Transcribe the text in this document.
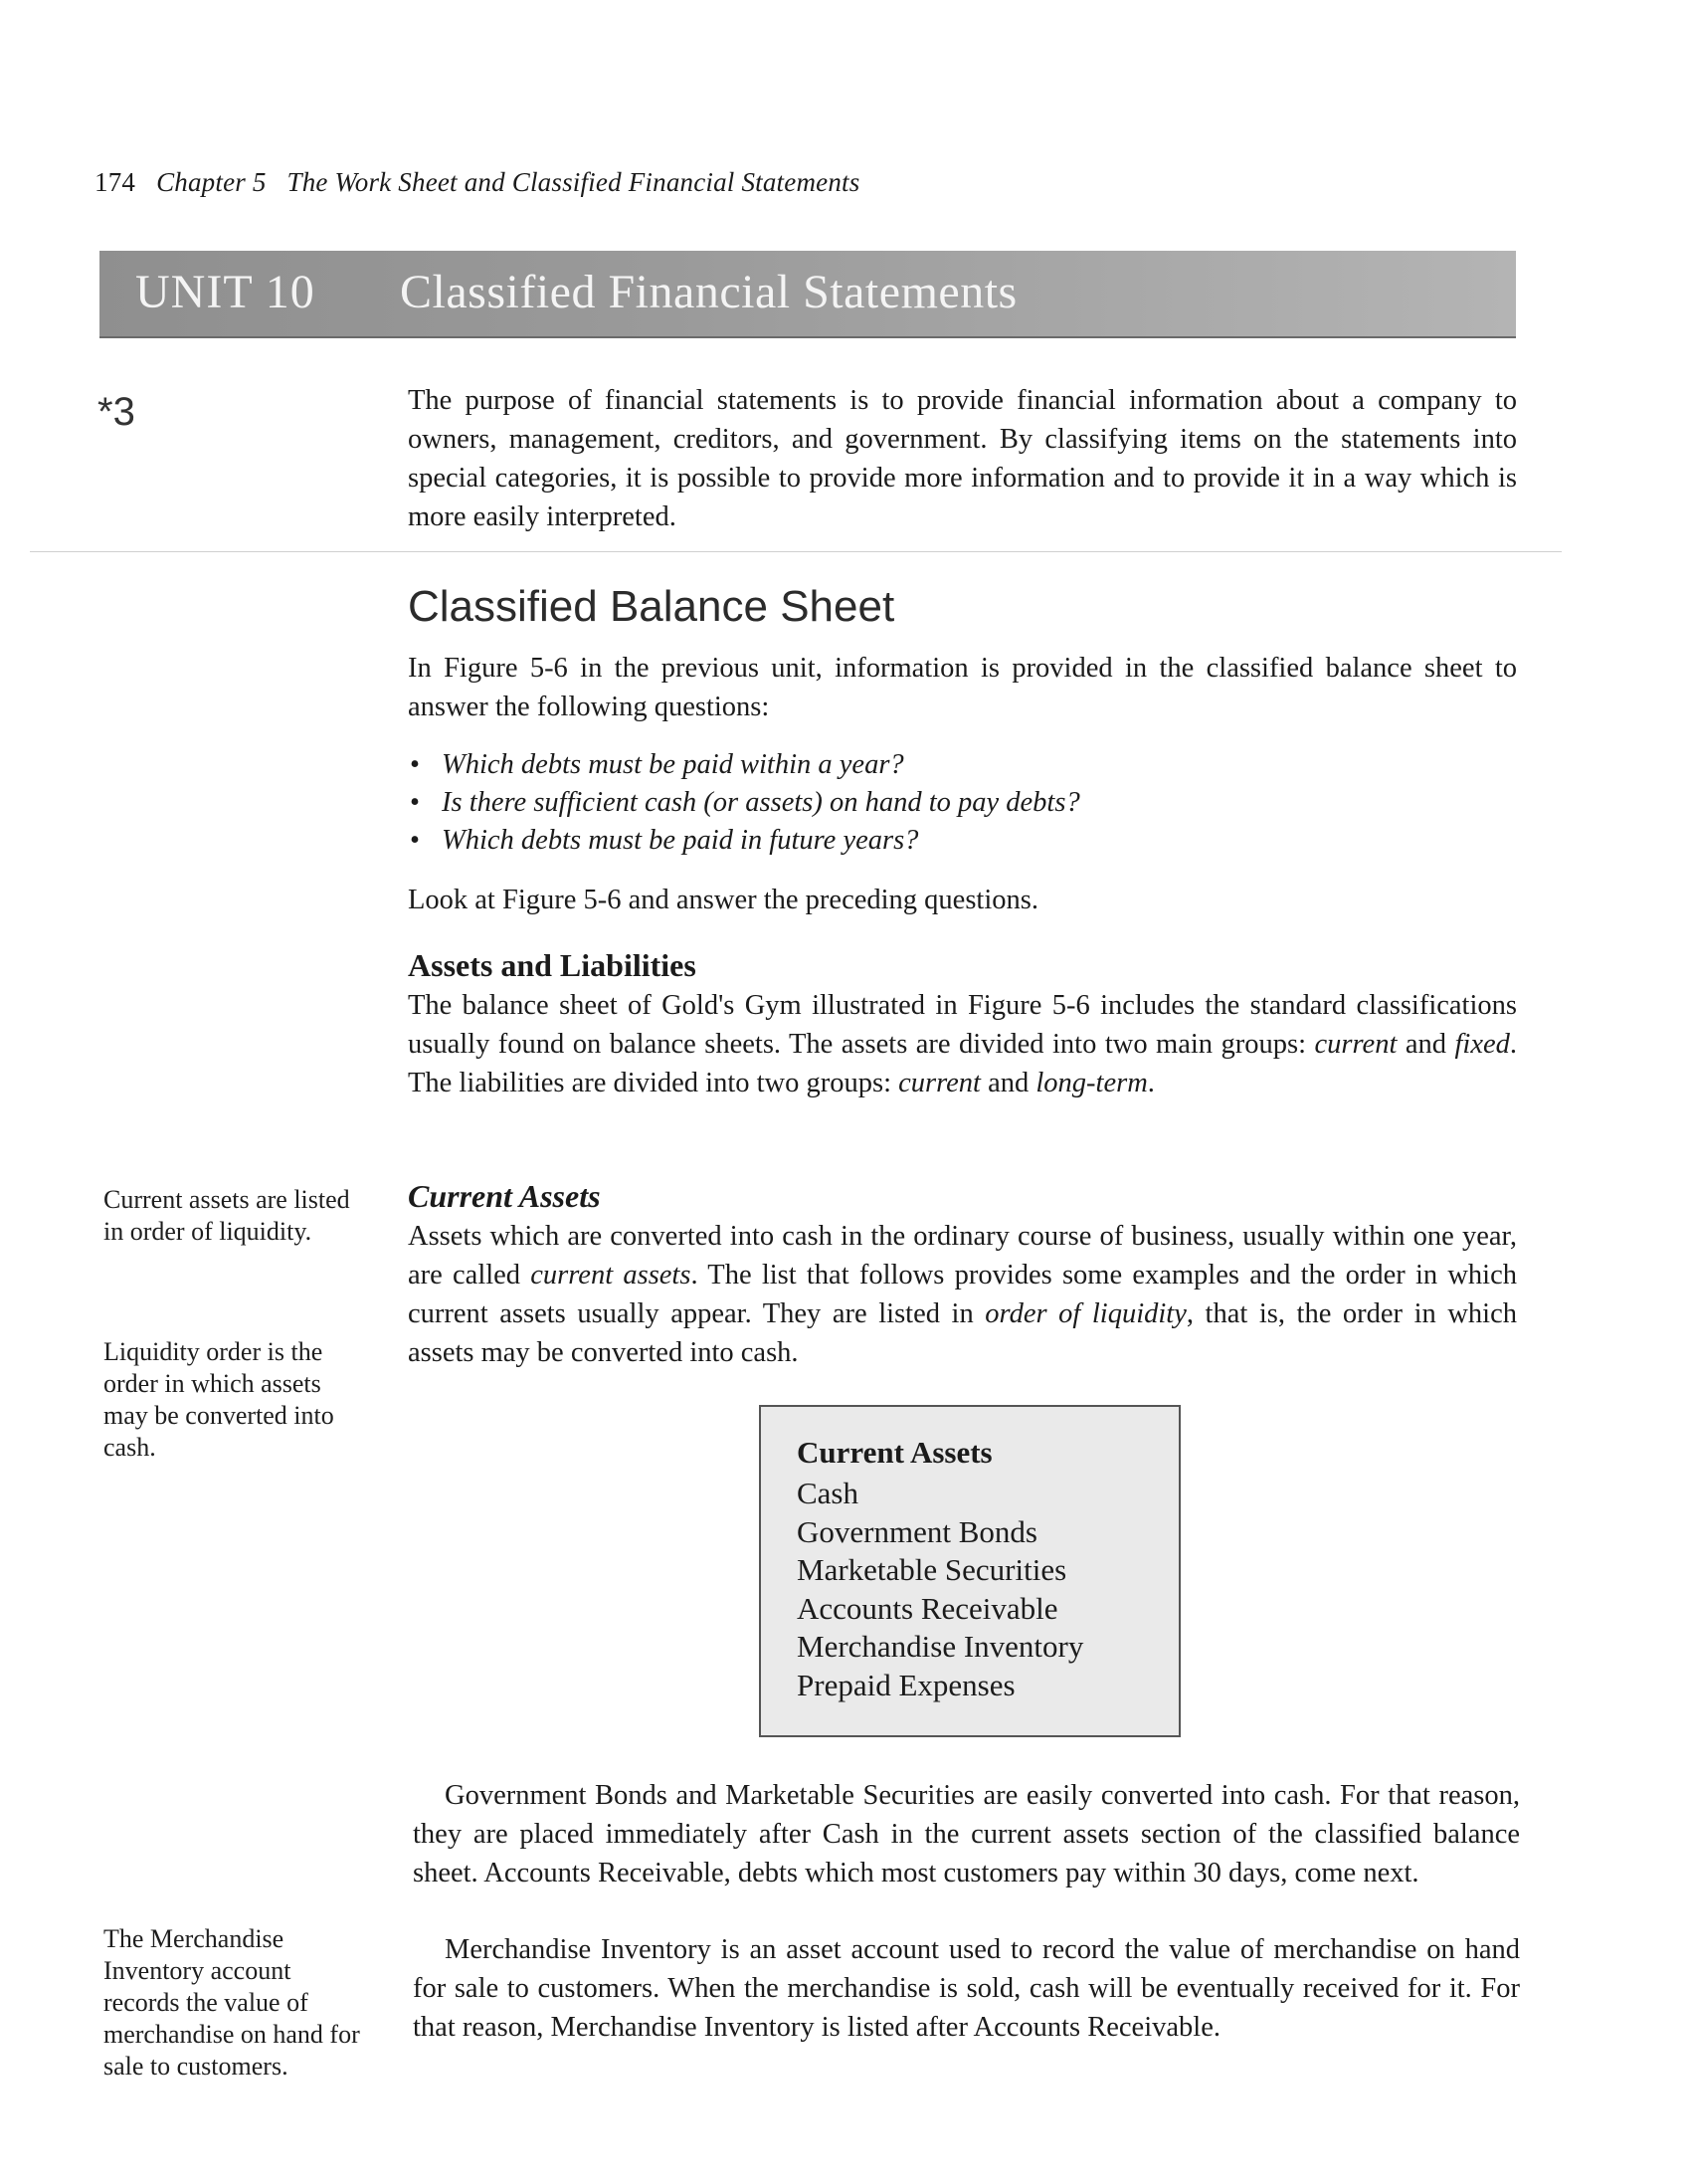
174 Chapter 5 The Work Sheet and Classified Financial Statements
UNIT 10 Classified Financial Statements
*3	The purpose of financial statements is to provide financial information about a company to owners, management, creditors, and government. By classifying items on the statements into special categories, it is possible to provide more information and to provide it in a way which is more easily interpreted.
Classified Balance Sheet
In Figure 5-6 in the previous unit, information is provided in the classified balance sheet to answer the following questions:
• Which debts must be paid within a year?
• Is there sufficient cash (or assets) on hand to pay debts?
• Which debts must be paid in future years?
Look at Figure 5-6 and answer the preceding questions.
Assets and Liabilities
The balance sheet of Gold's Gym illustrated in Figure 5-6 includes the standard classifications usually found on balance sheets. The assets are divided into two main groups: current and fixed. The liabilities are divided into two groups: current and long-term.
Current Assets
Assets which are converted into cash in the ordinary course of business, usually within one year, are called current assets. The list that follows provides some examples and the order in which current assets usually appear. They are listed in order of liquidity, that is, the order in which assets may be converted into cash.
Current assets are listed in order of liquidity.
Liquidity order is the order in which assets may be converted into cash.
The Merchandise Inventory account records the value of merchandise on hand for sale to customers.
Current Assets
Cash
Government Bonds
Marketable Securities
Accounts Receivable
Merchandise Inventory
Prepaid Expenses
Government Bonds and Marketable Securities are easily converted into cash. For that reason, they are placed immediately after Cash in the current assets section of the classified balance sheet. Accounts Receivable, debts which most customers pay within 30 days, come next.
Merchandise Inventory is an asset account used to record the value of merchandise on hand for sale to customers. When the merchandise is sold, cash will be eventually received for it. For that reason, Merchandise Inventory is listed after Accounts Receivable.
